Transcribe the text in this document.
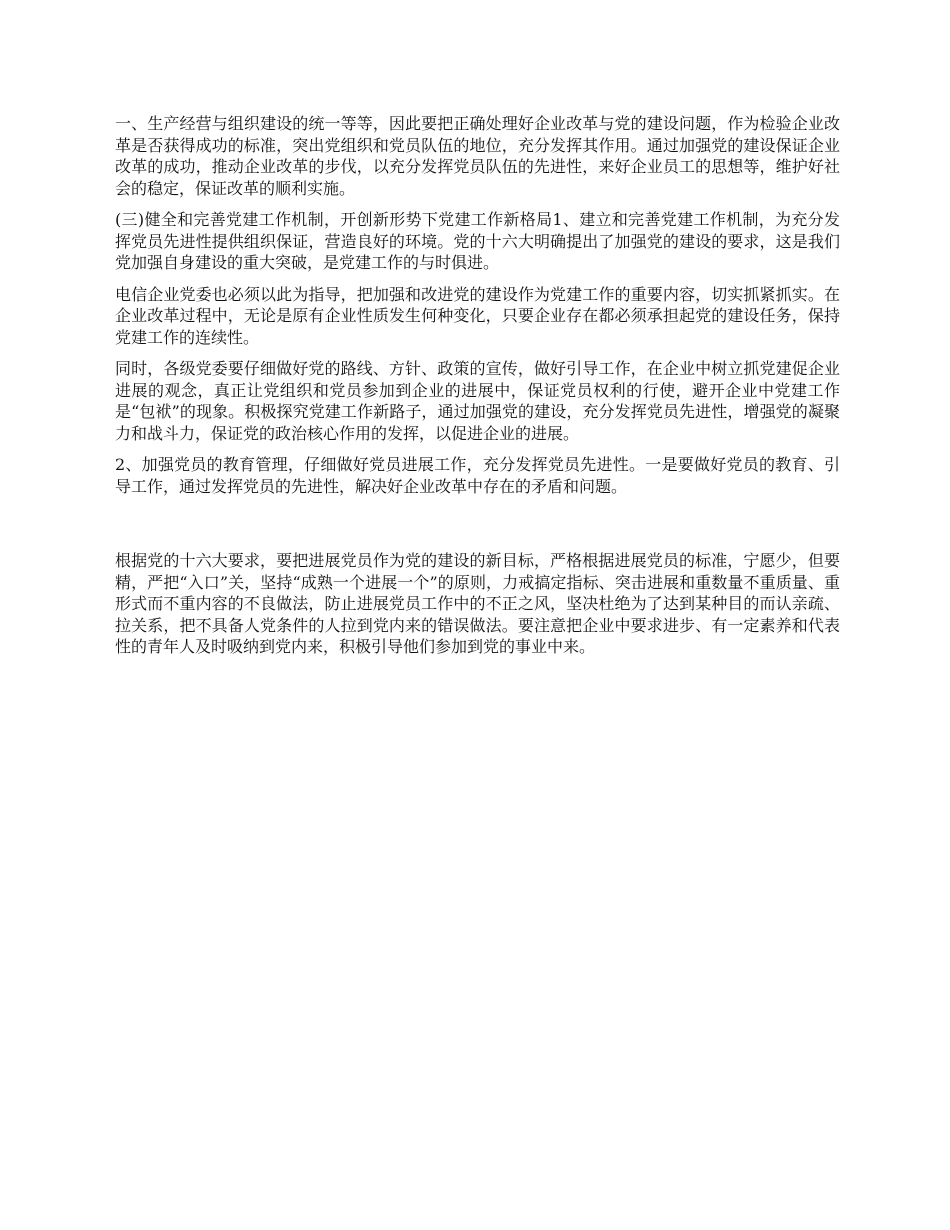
一、生产经营与组织建设的统一等等，因此要把正确处理好企业改革与党的建设问题，作为检验企业改革是否获得成功的标准，突出党组织和党员队伍的地位，充分发挥其作用。通过加强党的建设保证企业改革的成功，推动企业改革的步伐，以充分发挥党员队伍的先进性，来好企业员工的思想等，维护好社会的稳定，保证改革的顺利实施。

(三)健全和完善党建工作机制，开创新形势下党建工作新格局1、建立和完善党建工作机制，为充分发挥党员先进性提供组织保证，营造良好的环境。党的十六大明确提出了加强党的建设的要求，这是我们党加强自身建设的重大突破，是党建工作的与时俱进。

电信企业党委也必须以此为指导，把加强和改进党的建设作为党建工作的重要内容，切实抓紧抓实。在企业改革过程中，无论是原有企业性质发生何种变化，只要企业存在都必须承担起党的建设任务，保持党建工作的连续性。

同时，各级党委要仔细做好党的路线、方针、政策的宣传，做好引导工作，在企业中树立抓党建促企业进展的观念，真正让党组织和党员参加到企业的进展中，保证党员权利的行使，避开企业中党建工作是“包袱”的现象。积极探究党建工作新路子，通过加强党的建设，充分发挥党员先进性，增强党的凝聚力和战斗力，保证党的政治核心作用的发挥，以促进企业的进展。

2、加强党员的教育管理，仔细做好党员进展工作，充分发挥党员先进性。一是要做好党员的教育、引导工作，通过发挥党员的先进性，解决好企业改革中存在的矛盾和问题。

根据党的十六大要求，要把进展党员作为党的建设的新目标，严格根据进展党员的标准，宁愿少，但要精，严把“入口”关，坚持“成熟一个进展一个”的原则，力戒搞定指标、突击进展和重数量不重质量、重形式而不重内容的不良做法，防止进展党员工作中的不正之风，坚决杜绝为了达到某种目的而认亲疏、拉关系，把不具备人党条件的人拉到党内来的错误做法。要注意把企业中要求进步、有一定素养和代表性的青年人及时吸纳到党内来，积极引导他们参加到党的事业中来。
